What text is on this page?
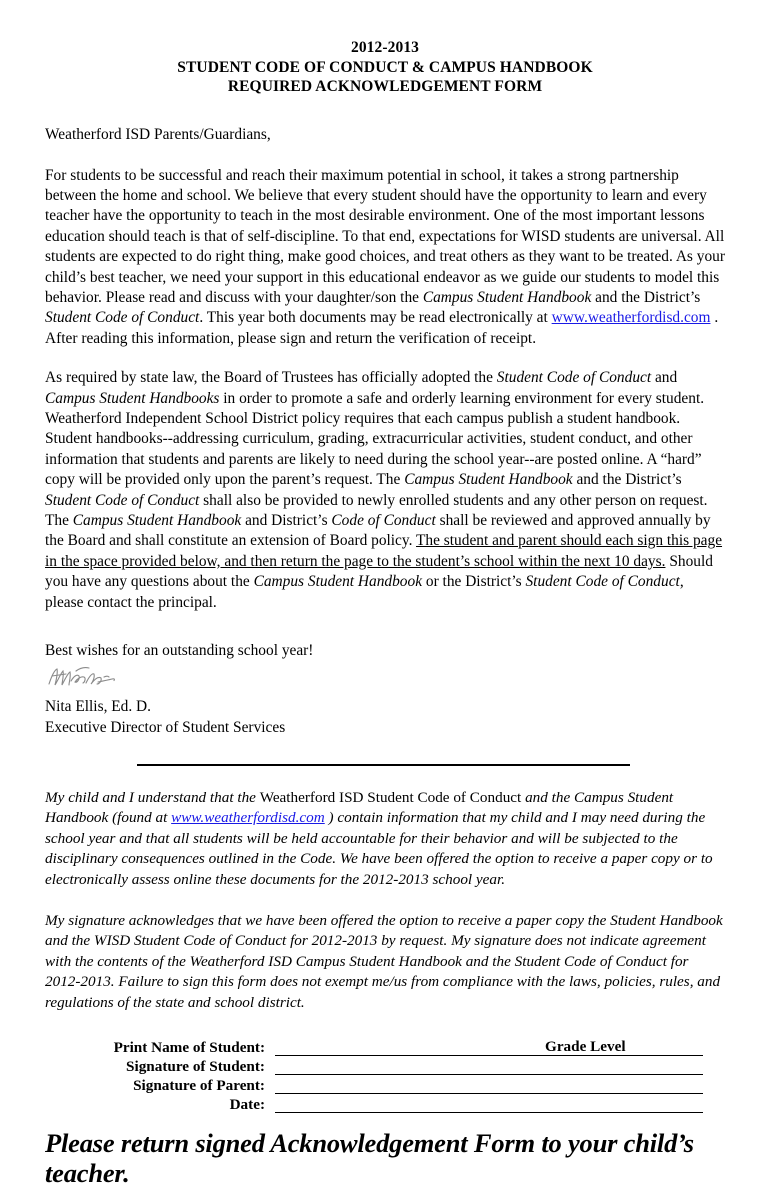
2012-2013
STUDENT CODE OF CONDUCT & CAMPUS HANDBOOK
REQUIRED ACKNOWLEDGEMENT FORM
Weatherford ISD Parents/Guardians,
For students to be successful and reach their maximum potential in school, it takes a strong partnership between the home and school. We believe that every student should have the opportunity to learn and every teacher have the opportunity to teach in the most desirable environment. One of the most important lessons education should teach is that of self-discipline. To that end, expectations for WISD students are universal. All students are expected to do right thing, make good choices, and treat others as they want to be treated. As your child’s best teacher, we need your support in this educational endeavor as we guide our students to model this behavior. Please read and discuss with your daughter/son the Campus Student Handbook and the District’s Student Code of Conduct. This year both documents may be read electronically at www.weatherfordisd.com . After reading this information, please sign and return the verification of receipt.
As required by state law, the Board of Trustees has officially adopted the Student Code of Conduct and Campus Student Handbooks in order to promote a safe and orderly learning environment for every student. Weatherford Independent School District policy requires that each campus publish a student handbook. Student handbooks--addressing curriculum, grading, extracurricular activities, student conduct, and other information that students and parents are likely to need during the school year--are posted online. A “hard” copy will be provided only upon the parent’s request. The Campus Student Handbook and the District’s Student Code of Conduct shall also be provided to newly enrolled students and any other person on request. The Campus Student Handbook and District’s Code of Conduct shall be reviewed and approved annually by the Board and shall constitute an extension of Board policy. The student and parent should each sign this page in the space provided below, and then return the page to the student’s school within the next 10 days. Should you have any questions about the Campus Student Handbook or the District’s Student Code of Conduct, please contact the principal.
Best wishes for an outstanding school year!
Nita Ellis, Ed. D.
Executive Director of Student Services
My child and I understand that the Weatherford ISD Student Code of Conduct and the Campus Student Handbook (found at www.weatherfordisd.com ) contain information that my child and I may need during the school year and that all students will be held accountable for their behavior and will be subjected to the disciplinary consequences outlined in the Code. We have been offered the option to receive a paper copy or to electronically assess online these documents for the 2012-2013 school year.
My signature acknowledges that we have been offered the option to receive a paper copy the Student Handbook and the WISD Student Code of Conduct for 2012-2013 by request. My signature does not indicate agreement with the contents of the Weatherford ISD Campus Student Handbook and the Student Code of Conduct for 2012-2013. Failure to sign this form does not exempt me/us from compliance with the laws, policies, rules, and regulations of the state and school district.
Print Name of Student:	Grade Level
Signature of Student:
Signature of Parent:
Date:
Please return signed Acknowledgement Form to your child’s teacher.
